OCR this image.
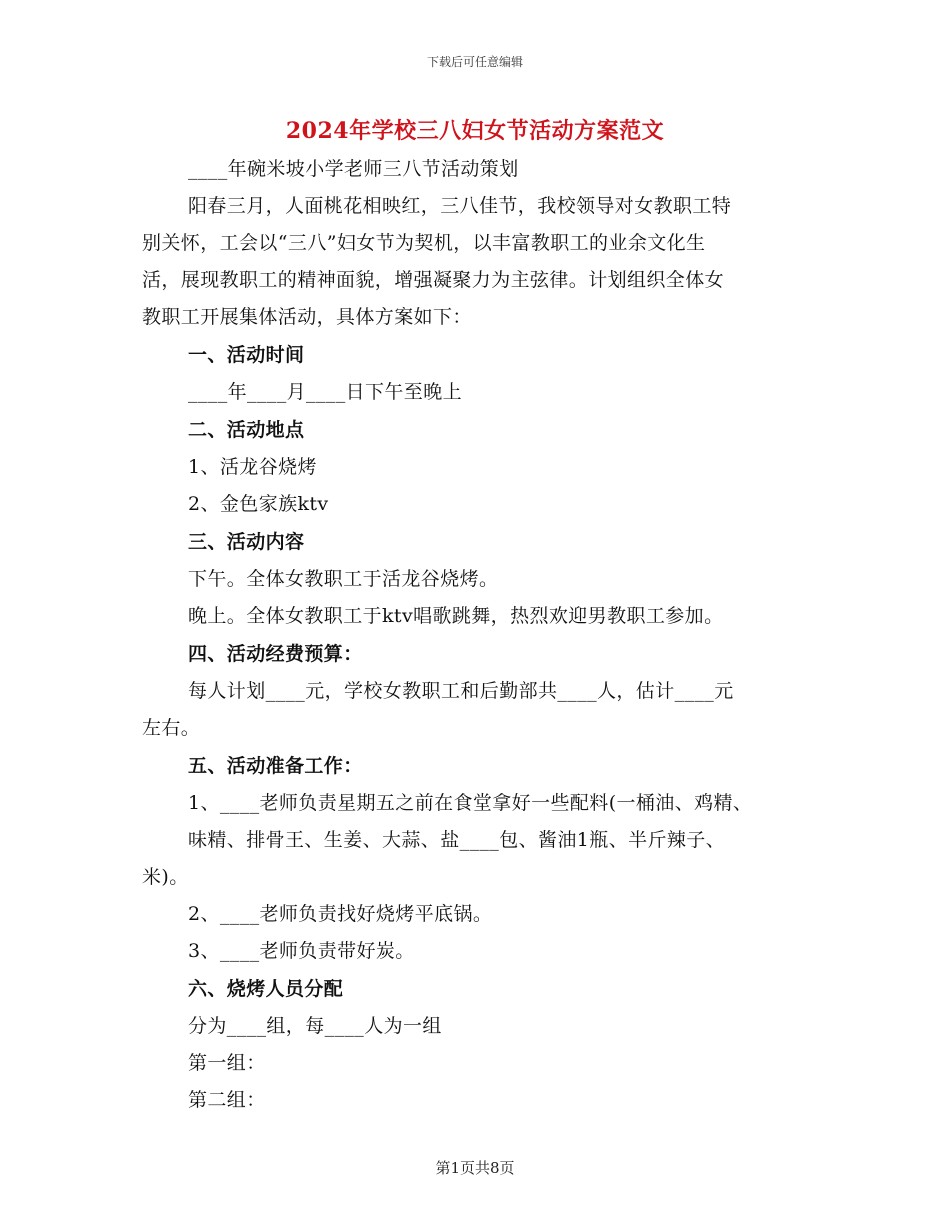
下载后可任意编辑
2024年学校三八妇女节活动方案范文
____年碗米坡小学老师三八节活动策划
阳春三月，人面桃花相映红，三八佳节，我校领导对女教职工特
别关怀，工会以“三八”妇女节为契机，以丰富教职工的业余文化生
活，展现教职工的精神面貌，增强凝聚力为主弦律。计划组织全体女
教职工开展集体活动，具体方案如下：
一、活动时间
____年____月____日下午至晚上
二、活动地点
1、活龙谷烧烤
2、金色家族ktv
三、活动内容
下午。全体女教职工于活龙谷烧烤。
晚上。全体女教职工于ktv唱歌跳舞，热烈欢迎男教职工参加。
四、活动经费预算：
每人计划____元，学校女教职工和后勤部共____人，估计____元
左右。
五、活动准备工作：
1、____老师负责星期五之前在食堂拿好一些配料(一桶油、鸡精、
味精、排骨王、生姜、大蒜、盐____包、酱油1瓶、半斤辣子、
米)。
2、____老师负责找好烧烤平底锅。
3、____老师负责带好炭。
六、烧烤人员分配
分为____组，每____人为一组
第一组：
第二组：
第1页共8页
